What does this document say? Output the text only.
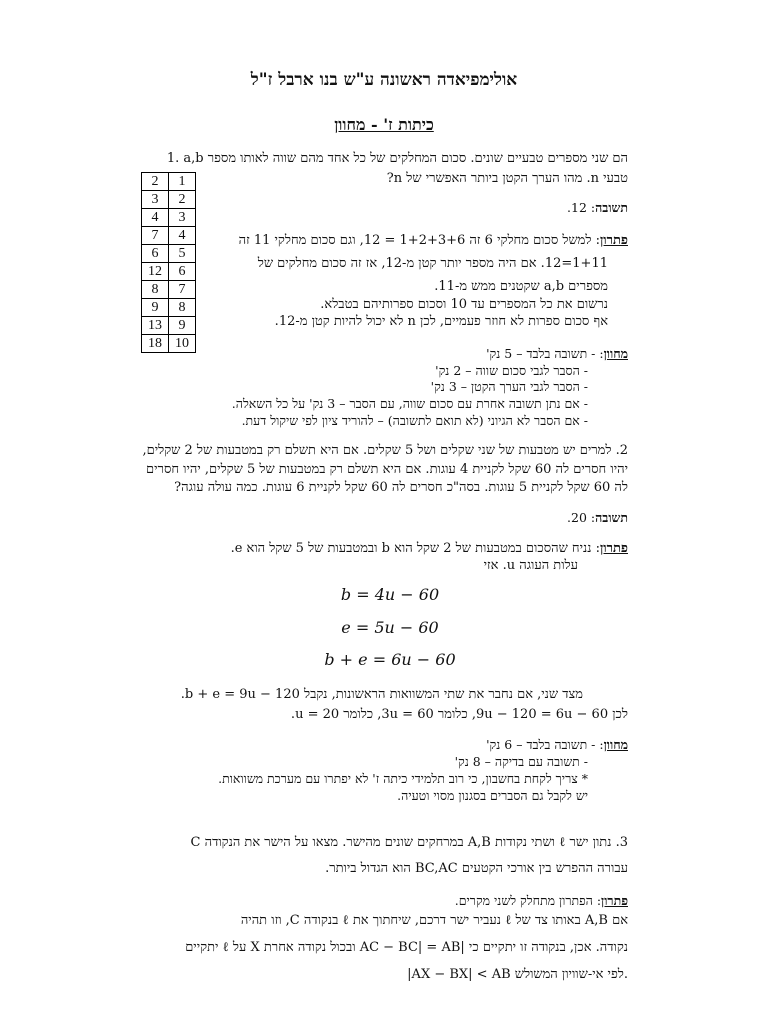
אולימפיאדה ראשונה ע"ש בנו ארבל ז"ל
כיתות ז' - מחוון
1. a,b הם שני מספרים טבעיים שונים. סכום המחלקים של כל אחד מהם שווה לאותו מספר
טבעי n. מהו הערך הקטן ביותר האפשרי של n?
2	1
3	2
4	3
7	4
6	5
12	6
8	7
9	8
13	9
18	10
תשובה: 12.
פתרון: למשל סכום מחלקי 6 זה 1+2+3+6 = 12, וגם סכום מחלקי 11 זה
1+11=12. אם היה מספר יותר קטן מ-12, אז זה סכום מחלקים של
מספרים a,b שקטנים ממש מ-11.
נרשום את כל המספרים עד 10 וסכום ספרותיהם בטבלא.
אף סכום ספרות לא חוזר פעמיים, לכן n לא יכול להיות קטן מ-12.
מחוון: - תשובה בלבד – 5 נק'
- הסבר לגבי סכום שווה – 2 נק'
- הסבר לגבי הערך הקטן – 3 נק'
- אם נתן תשובה אחרת עם סכום שווה, עם הסבר – 3 נק' על כל השאלה.
- אם הסבר לא הגיוני (לא תואם לתשובה) – להוריד ציון לפי שיקול דעת.
2. למרים יש מטבעות של שני שקלים ושל 5 שקלים. אם היא תשלם רק במטבעות של 2 שקלים,
יהיו חסרים לה 60 שקל לקניית 4 עוגות. אם היא תשלם רק במטבעות של 5 שקלים, יהיו חסרים
לה 60 שקל לקניית 5 עוגות. בסה"כ חסרים לה 60 שקל לקניית 6 עוגות. כמה עולה עוגה?
תשובה: 20.
פתרון: נניח שהסכום במטבעות של 2 שקל הוא b ובמטבעות של 5 שקל הוא e.
עלות העוגה u. אזי
b = 4u − 60
e = 5u − 60
b + e = 6u − 60
מצד שני, אם נחבר את שתי המשוואות הראשונות, נקבל b + e = 9u − 120.
לכן 9u − 120 = 6u − 60, כלומר 3u = 60, כלומר u = 20.
מחוון: - תשובה בלבד – 6 נק'
- תשובה עם בדיקה – 8 נק'
* צריך לקחת בחשבון, כי רוב תלמידי כיתה ז' לא יפתרו עם מערכת משוואות.
יש לקבל גם הסברים בסגנון מסוי וטעיה.
3. נתון ישר ℓ ושתי נקודות A,B במרחקים שונים מהישר. מצאו על הישר את הנקודה C
עבורה ההפרש בין אורכי הקטעים BC,AC הוא הגדול ביותר.
פתרון: הפתרון מתחלק לשני מקרים.
אם A,B באותו צד של ℓ נעביר ישר דרכם, שיחתוך את ℓ בנקודה C, וזו תהיה
נקודה. אכן, בנקודה זו יתקיים כי |AC − BC| = AB ובכול נקודה אחרת X על ℓ יתקיים
|AX − BX| < AB לפי אי-שוויון המשולש.
